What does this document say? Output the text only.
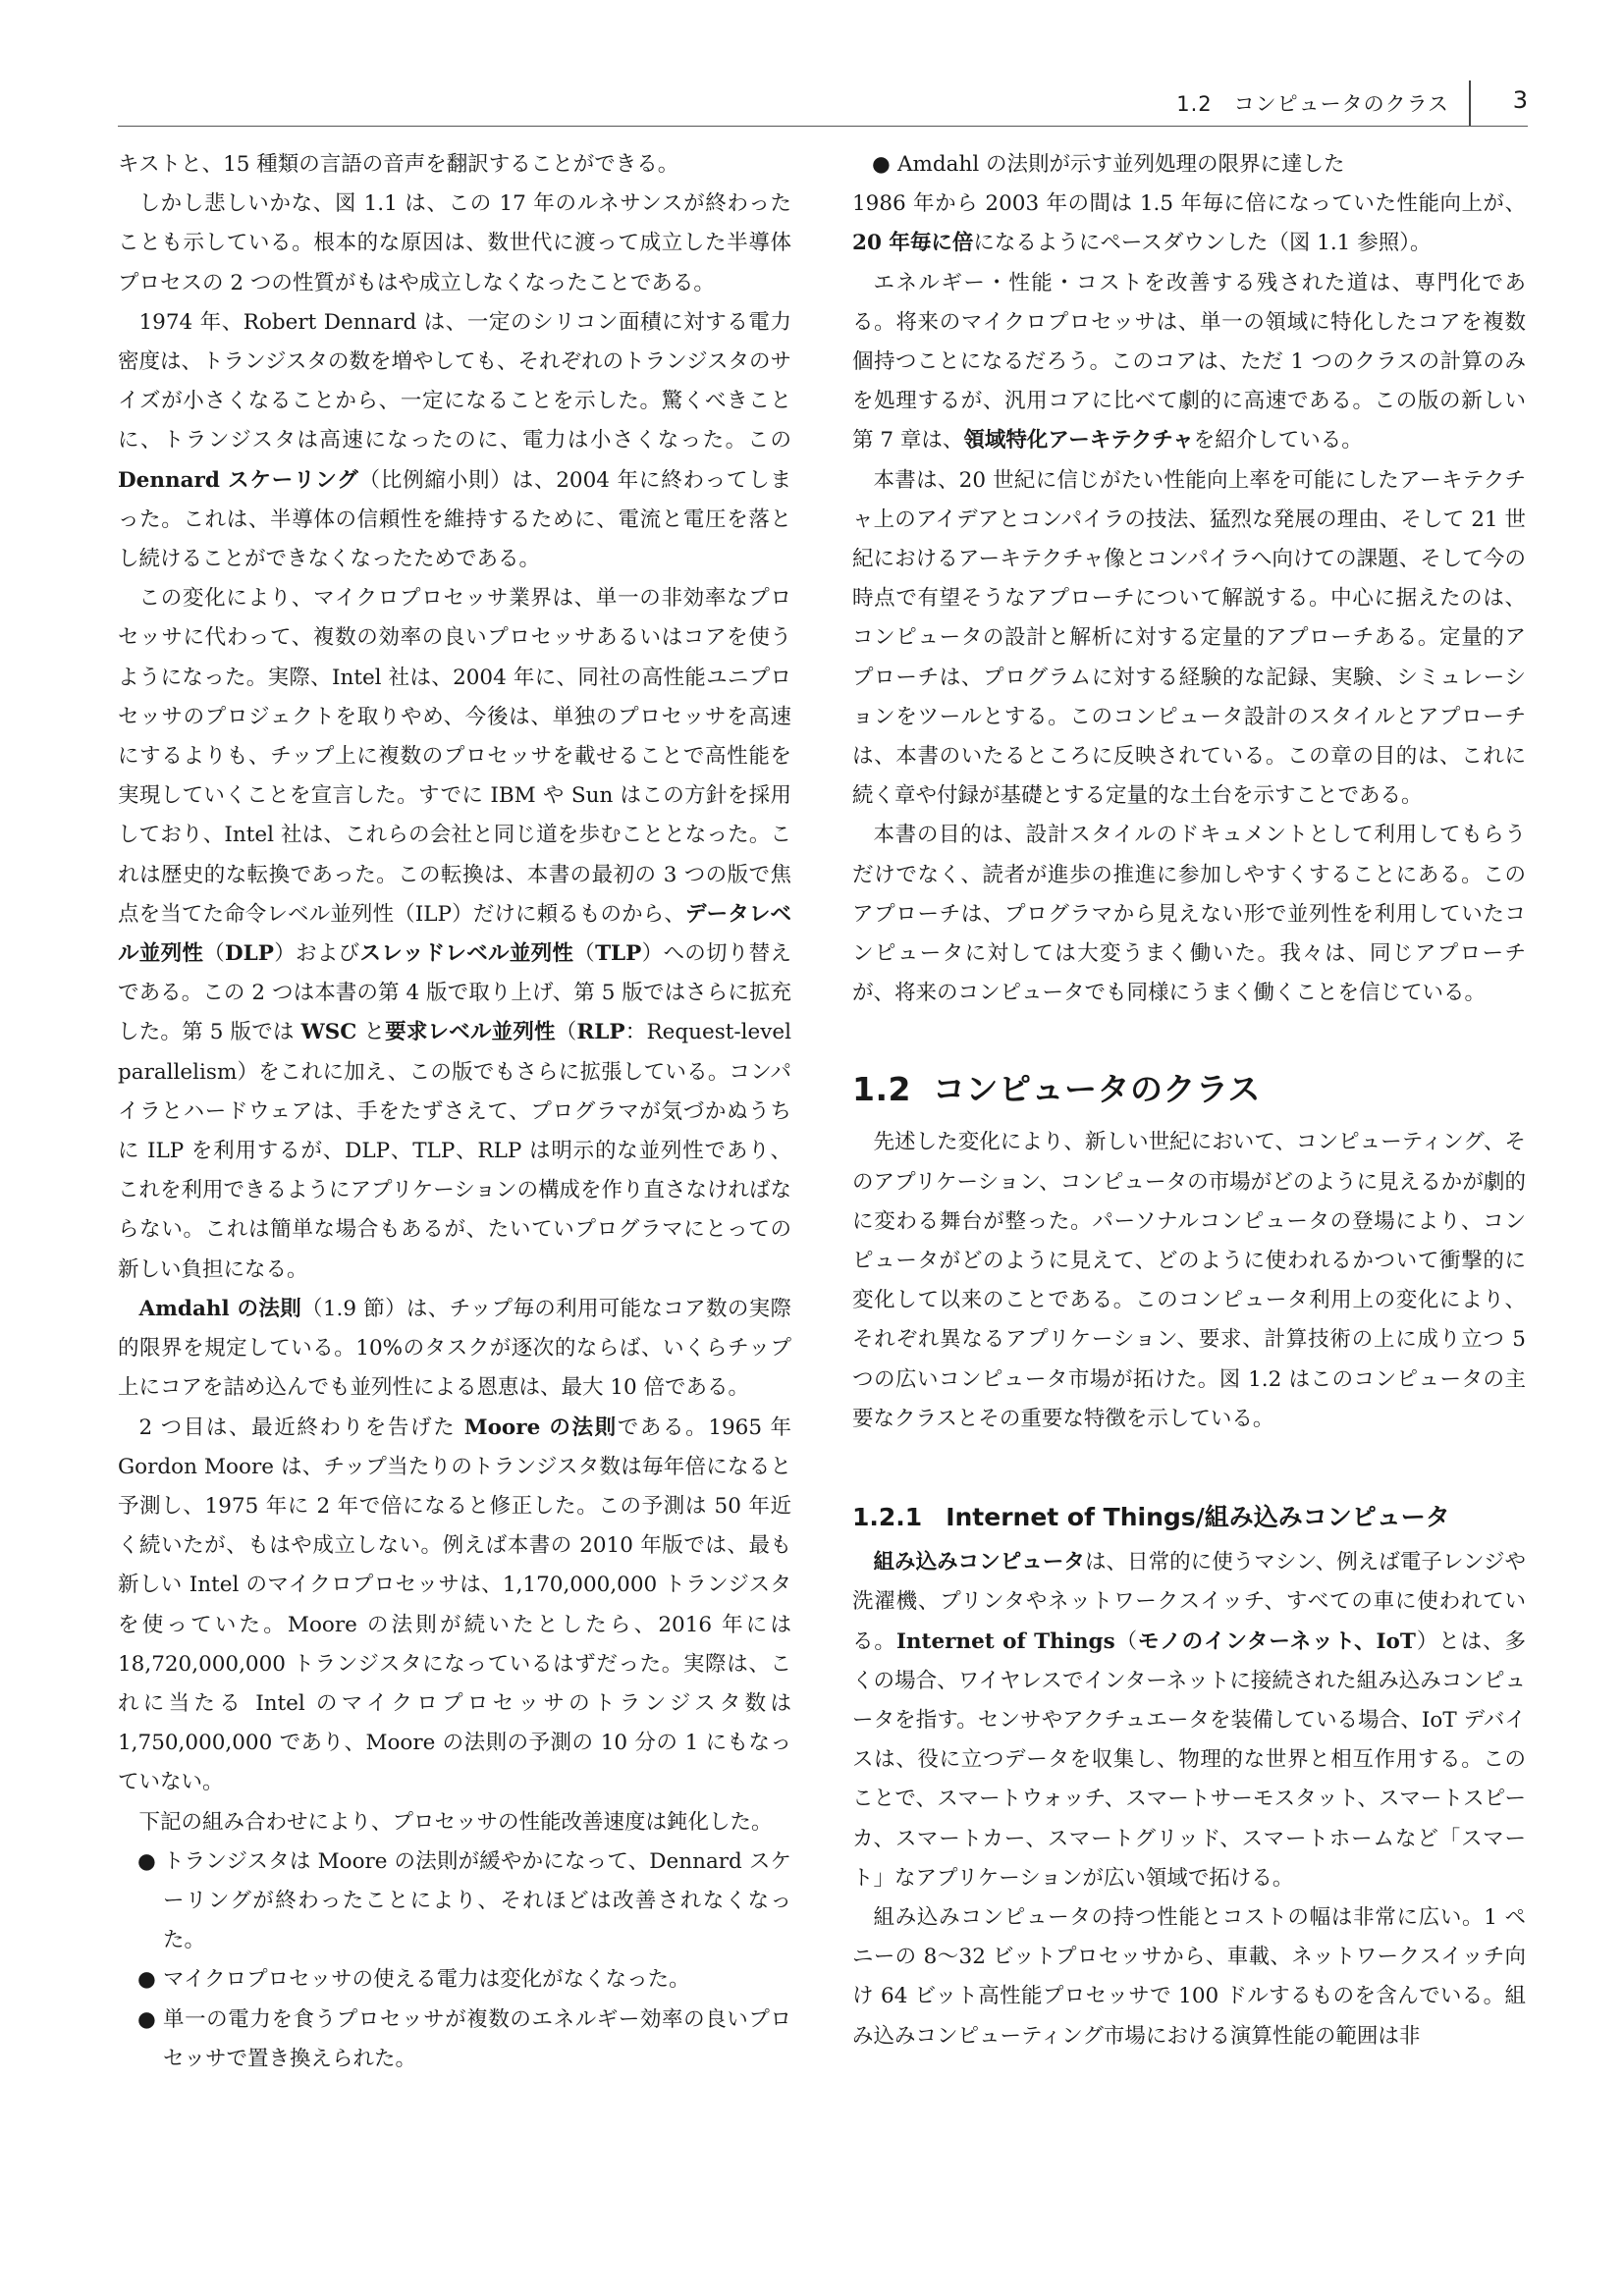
1.2　コンピュータのクラス	3

キストと、15 種類の言語の音声を翻訳することができる。

しかし悲しいかな、図 1.1 は、この 17 年のルネサンスが終わったことも示している。根本的な原因は、数世代に渡って成立した半導体プロセスの 2 つの性質がもはや成立しなくなったことである。

1974 年、Robert Dennard は、一定のシリコン面積に対する電力密度は、トランジスタの数を増やしても、それぞれのトランジスタのサイズが小さくなることから、一定になることを示した。驚くべきことに、トランジスタは高速になったのに、電力は小さくなった。この Dennard スケーリング（比例縮小則）は、2004 年に終わってしまった。これは、半導体の信頼性を維持するために、電流と電圧を落とし続けることができなくなったためである。

この変化により、マイクロプロセッサ業界は、単一の非効率なプロセッサに代わって、複数の効率の良いプロセッサあるいはコアを使うようになった。実際、Intel 社は、2004 年に、同社の高性能ユニプロセッサのプロジェクトを取りやめ、今後は、単独のプロセッサを高速にするよりも、チップ上に複数のプロセッサを載せることで高性能を実現していくことを宣言した。すでに IBM や Sun はこの方針を採用しており、Intel 社は、これらの会社と同じ道を歩むこととなった。これは歴史的な転換であった。この転換は、本書の最初の 3 つの版で焦点を当てた命令レベル並列性（ILP）だけに頼るものから、データレベル並列性（DLP）およびスレッドレベル並列性（TLP）への切り替えである。この 2 つは本書の第 4 版で取り上げ、第 5 版ではさらに拡充した。第 5 版では WSC と要求レベル並列性（RLP：Request-level parallelism）をこれに加え、この版でもさらに拡張している。コンパイラとハードウェアは、手をたずさえて、プログラマが気づかぬうちに ILP を利用するが、DLP、TLP、RLP は明示的な並列性であり、これを利用できるようにアプリケーションの構成を作り直さなければならない。これは簡単な場合もあるが、たいていプログラマにとっての新しい負担になる。

Amdahl の法則（1.9 節）は、チップ毎の利用可能なコア数の実際的限界を規定している。10%のタスクが逐次的ならば、いくらチップ上にコアを詰め込んでも並列性による恩恵は、最大 10 倍である。

2 つ目は、最近終わりを告げた Moore の法則である。1965 年 Gordon Moore は、チップ当たりのトランジスタ数は毎年倍になると予測し、1975 年に 2 年で倍になると修正した。この予測は 50 年近く続いたが、もはや成立しない。例えば本書の 2010 年版では、最も新しい Intel のマイクロプロセッサは、1,170,000,000 トランジスタを使っていた。Moore の法則が続いたとしたら、2016 年には 18,720,000,000 トランジスタになっているはずだった。実際は、これに当たる Intel のマイクロプロセッサのトランジスタ数は 1,750,000,000 であり、Moore の法則の予測の 10 分の 1 にもなっていない。

下記の組み合わせにより、プロセッサの性能改善速度は鈍化した。

● トランジスタは Moore の法則が緩やかになって、Dennard スケーリングが終わったことにより、それほどは改善されなくなった。
● マイクロプロセッサの使える電力は変化がなくなった。
● 単一の電力を食うプロセッサが複数のエネルギー効率の良いプロセッサで置き換えられた。
● Amdahl の法則が示す並列処理の限界に達した

1986 年から 2003 年の間は 1.5 年毎に倍になっていた性能向上が、20 年毎に倍になるようにペースダウンした（図 1.1 参照）。

エネルギー・性能・コストを改善する残された道は、専門化である。将来のマイクロプロセッサは、単一の領域に特化したコアを複数個持つことになるだろう。このコアは、ただ 1 つのクラスの計算のみを処理するが、汎用コアに比べて劇的に高速である。この版の新しい第 7 章は、領域特化アーキテクチャを紹介している。

本書は、20 世紀に信じがたい性能向上率を可能にしたアーキテクチャ上のアイデアとコンパイラの技法、猛烈な発展の理由、そして 21 世紀におけるアーキテクチャ像とコンパイラへ向けての課題、そして今の時点で有望そうなアプローチについて解説する。中心に据えたのは、コンピュータの設計と解析に対する定量的アプローチある。定量的アプローチは、プログラムに対する経験的な記録、実験、シミュレーションをツールとする。このコンピュータ設計のスタイルとアプローチは、本書のいたるところに反映されている。この章の目的は、これに続く章や付録が基礎とする定量的な土台を示すことである。

本書の目的は、設計スタイルのドキュメントとして利用してもらうだけでなく、読者が進歩の推進に参加しやすくすることにある。このアプローチは、プログラマから見えない形で並列性を利用していたコンピュータに対しては大変うまく働いた。我々は、同じアプローチが、将来のコンピュータでも同様にうまく働くことを信じている。

1.2 コンピュータのクラス

先述した変化により、新しい世紀において、コンピューティング、そのアプリケーション、コンピュータの市場がどのように見えるかが劇的に変わる舞台が整った。パーソナルコンピュータの登場により、コンピュータがどのように見えて、どのように使われるかついて衝撃的に変化して以来のことである。このコンピュータ利用上の変化により、それぞれ異なるアプリケーション、要求、計算技術の上に成り立つ 5 つの広いコンピュータ市場が拓けた。図 1.2 はこのコンピュータの主要なクラスとその重要な特徴を示している。

1.2.1 Internet of Things/組み込みコンピュータ

組み込みコンピュータは、日常的に使うマシン、例えば電子レンジや洗濯機、プリンタやネットワークスイッチ、すべての車に使われている。Internet of Things（モノのインターネット、IoT）とは、多くの場合、ワイヤレスでインターネットに接続された組み込みコンピュータを指す。センサやアクチュエータを装備している場合、IoT デバイスは、役に立つデータを収集し、物理的な世界と相互作用する。このことで、スマートウォッチ、スマートサーモスタット、スマートスピーカ、スマートカー、スマートグリッド、スマートホームなど「スマート」なアプリケーションが広い領域で拓ける。

組み込みコンピュータの持つ性能とコストの幅は非常に広い。1 ペニーの 8〜32 ビットプロセッサから、車載、ネットワークスイッチ向け 64 ビット高性能プロセッサで 100 ドルするものを含んでいる。組み込みコンピューティング市場における演算性能の範囲は非
